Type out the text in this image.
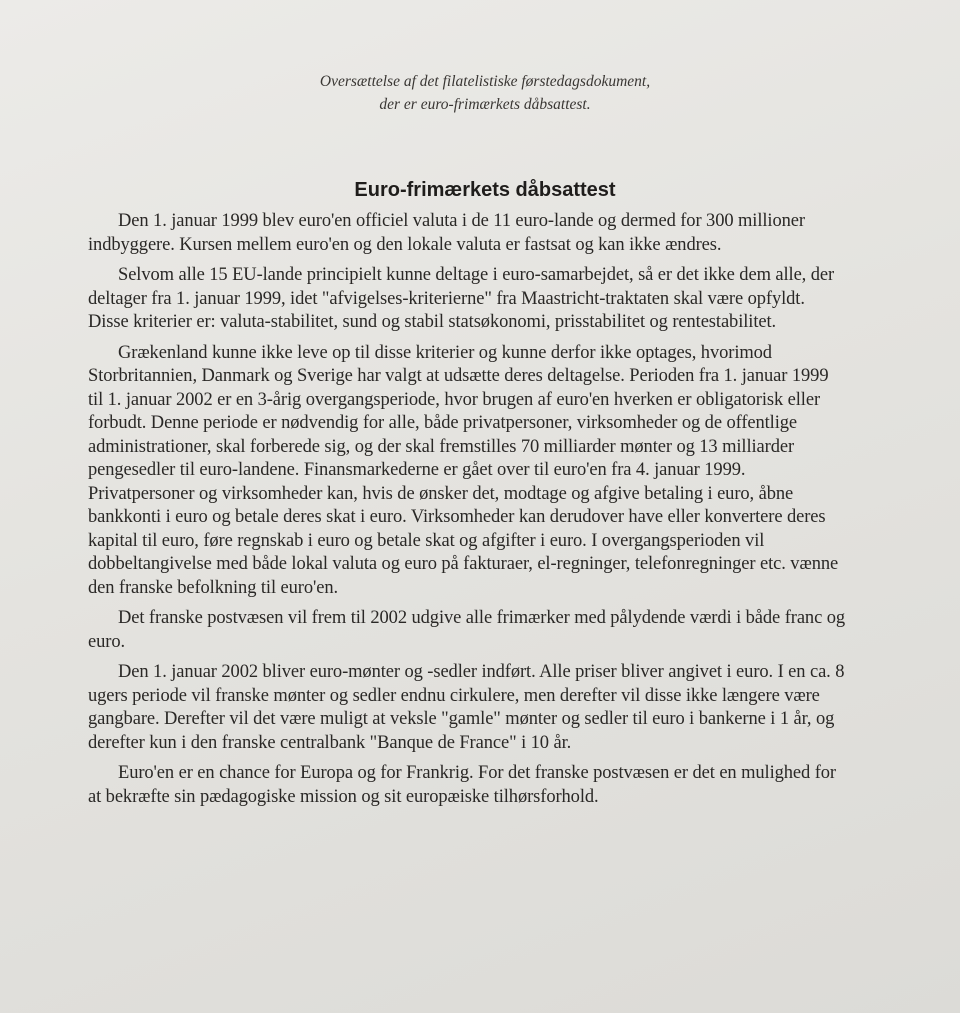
Oversættelse af det filatelistiske førstedagsdokument,
der er euro-frimærkets dåbsattest.
Euro-frimærkets dåbsattest

Den 1. januar 1999 blev euro'en officiel valuta i de 11 euro-lande og dermed for 300 millioner indbyggere. Kursen mellem euro'en og den lokale valuta er fastsat og kan ikke ændres.

Selvom alle 15 EU-lande principielt kunne deltage i euro-samarbejdet, så er det ikke dem alle, der deltager fra 1. januar 1999, idet "afvigelses-kriterierne" fra Maastricht-traktaten skal være opfyldt. Disse kriterier er: valuta-stabilitet, sund og stabil statsøkonomi, prisstabilitet og rentestabilitet.

Grækenland kunne ikke leve op til disse kriterier og kunne derfor ikke optages, hvorimod Storbritannien, Danmark og Sverige har valgt at udsætte deres deltagelse. Perioden fra 1. januar 1999 til 1. januar 2002 er en 3-årig overgangsperiode, hvor brugen af euro'en hverken er obligatorisk eller forbudt. Denne periode er nødvendig for alle, både privatpersoner, virksomheder og de offentlige administrationer, skal forberede sig, og der skal fremstilles 70 milliarder mønter og 13 milliarder pengesedler til euro-landene. Finansmarkederne er gået over til euro'en fra 4. januar 1999. Privatpersoner og virksomheder kan, hvis de ønsker det, modtage og afgive betaling i euro, åbne bankkonti i euro og betale deres skat i euro. Virksomheder kan derudover have eller konvertere deres kapital til euro, føre regnskab i euro og betale skat og afgifter i euro. I overgangsperioden vil dobbeltangivelse med både lokal valuta og euro på fakturaer, el-regninger, telefonregninger etc. vænne den franske befolkning til euro'en.

Det franske postvæsen vil frem til 2002 udgive alle frimærker med pålydende værdi i både franc og euro.

Den 1. januar 2002 bliver euro-mønter og -sedler indført. Alle priser bliver angivet i euro. I en ca. 8 ugers periode vil franske mønter og sedler endnu cirkulere, men derefter vil disse ikke længere være gangbare. Derefter vil det være muligt at veksle "gamle" mønter og sedler til euro i bankerne i 1 år, og derefter kun i den franske centralbank "Banque de France" i 10 år.

Euro'en er en chance for Europa og for Frankrig. For det franske postvæsen er det en mulighed for at bekræfte sin pædagogiske mission og sit europæiske tilhørsforhold.
